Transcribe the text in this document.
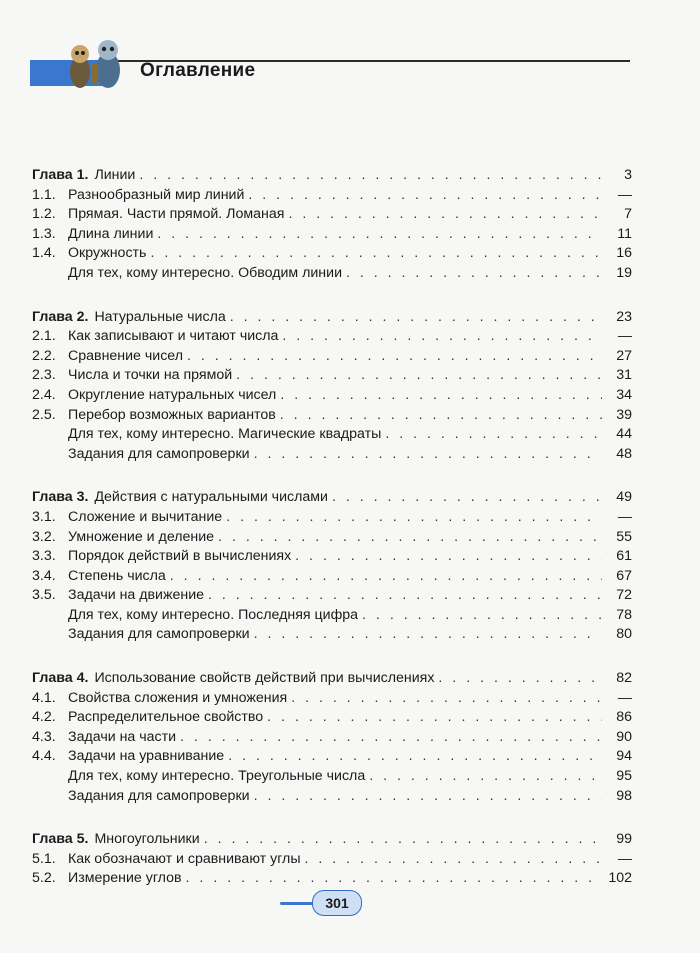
Оглавление
Глава 1. Линии . . .	3
1.1. Разнообразный мир линий . . .	—
1.2. Прямая. Части прямой. Ломаная . . .	7
1.3. Длина линии . . .	11
1.4. Окружность . . .	16
Для тех, кому интересно. Обводим линии . . .	19
Глава 2. Натуральные числа . . .	23
2.1. Как записывают и читают числа . . .	—
2.2. Сравнение чисел . . .	27
2.3. Числа и точки на прямой . . .	31
2.4. Округление натуральных чисел . . .	34
2.5. Перебор возможных вариантов . . .	39
Для тех, кому интересно. Магические квадраты . . .	44
Задания для самопроверки . . .	48
Глава 3. Действия с натуральными числами . . .	49
3.1. Сложение и вычитание . . .	—
3.2. Умножение и деление . . .	55
3.3. Порядок действий в вычислениях . . .	61
3.4. Степень числа . . .	67
3.5. Задачи на движение . . .	72
Для тех, кому интересно. Последняя цифра . . .	78
Задания для самопроверки . . .	80
Глава 4. Использование свойств действий при вычислениях . . .	82
4.1. Свойства сложения и умножения . . .	—
4.2. Распределительное свойство . . .	86
4.3. Задачи на части . . .	90
4.4. Задачи на уравнивание . . .	94
Для тех, кому интересно. Треугольные числа . . .	95
Задания для самопроверки . . .	98
Глава 5. Многоугольники . . .	99
5.1. Как обозначают и сравнивают углы . . .	—
5.2. Измерение углов . . .	102
301
